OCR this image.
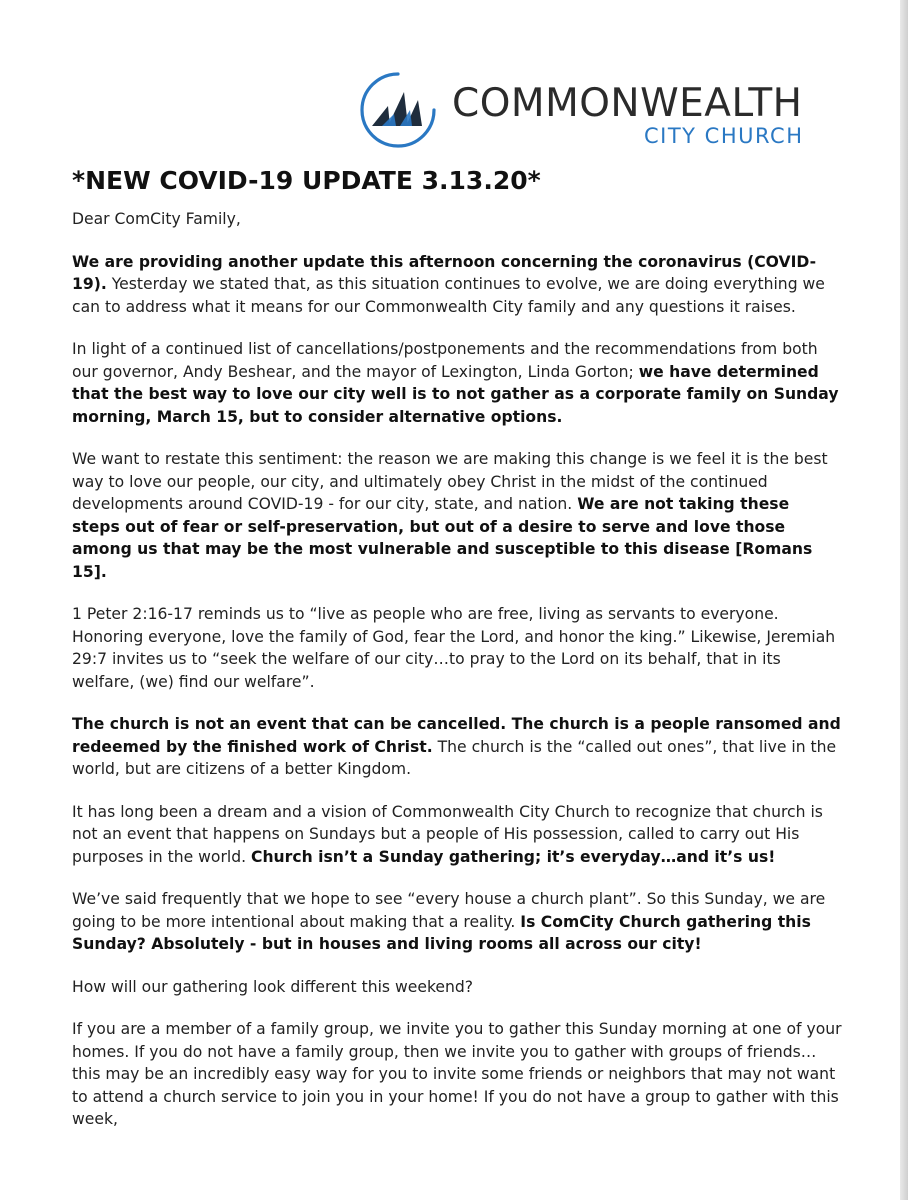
COMMONWEALTH
CITY CHURCH
*NEW COVID-19 UPDATE 3.13.20*

Dear ComCity Family,

We are providing another update this afternoon concerning the coronavirus (COVID-19). Yesterday we stated that, as this situation continues to evolve, we are doing everything we can to address what it means for our Commonwealth City family and any questions it raises.

In light of a continued list of cancellations/postponements and the recommendations from both our governor, Andy Beshear, and the mayor of Lexington, Linda Gorton; we have determined that the best way to love our city well is to not gather as a corporate family on Sunday morning, March 15, but to consider alternative options.

We want to restate this sentiment: the reason we are making this change is we feel it is the best way to love our people, our city, and ultimately obey Christ in the midst of the continued developments around COVID-19 - for our city, state, and nation. We are not taking these steps out of fear or self-preservation, but out of a desire to serve and love those among us that may be the most vulnerable and susceptible to this disease [Romans 15].

1 Peter 2:16-17 reminds us to “live as people who are free, living as servants to everyone. Honoring everyone, love the family of God, fear the Lord, and honor the king.” Likewise, Jeremiah 29:7 invites us to “seek the welfare of our city…to pray to the Lord on its behalf, that in its welfare, (we) find our welfare”.

The church is not an event that can be cancelled. The church is a people ransomed and redeemed by the finished work of Christ. The church is the “called out ones”, that live in the world, but are citizens of a better Kingdom.

It has long been a dream and a vision of Commonwealth City Church to recognize that church is not an event that happens on Sundays but a people of His possession, called to carry out His purposes in the world. Church isn’t a Sunday gathering; it’s everyday…and it’s us!

We’ve said frequently that we hope to see “every house a church plant”. So this Sunday, we are going to be more intentional about making that a reality. Is ComCity Church gathering this Sunday? Absolutely - but in houses and living rooms all across our city!

How will our gathering look different this weekend?

If you are a member of a family group, we invite you to gather this Sunday morning at one of your homes. If you do not have a family group, then we invite you to gather with groups of friends…this may be an incredibly easy way for you to invite some friends or neighbors that may not want to attend a church service to join you in your home! If you do not have a group to gather with this week,
